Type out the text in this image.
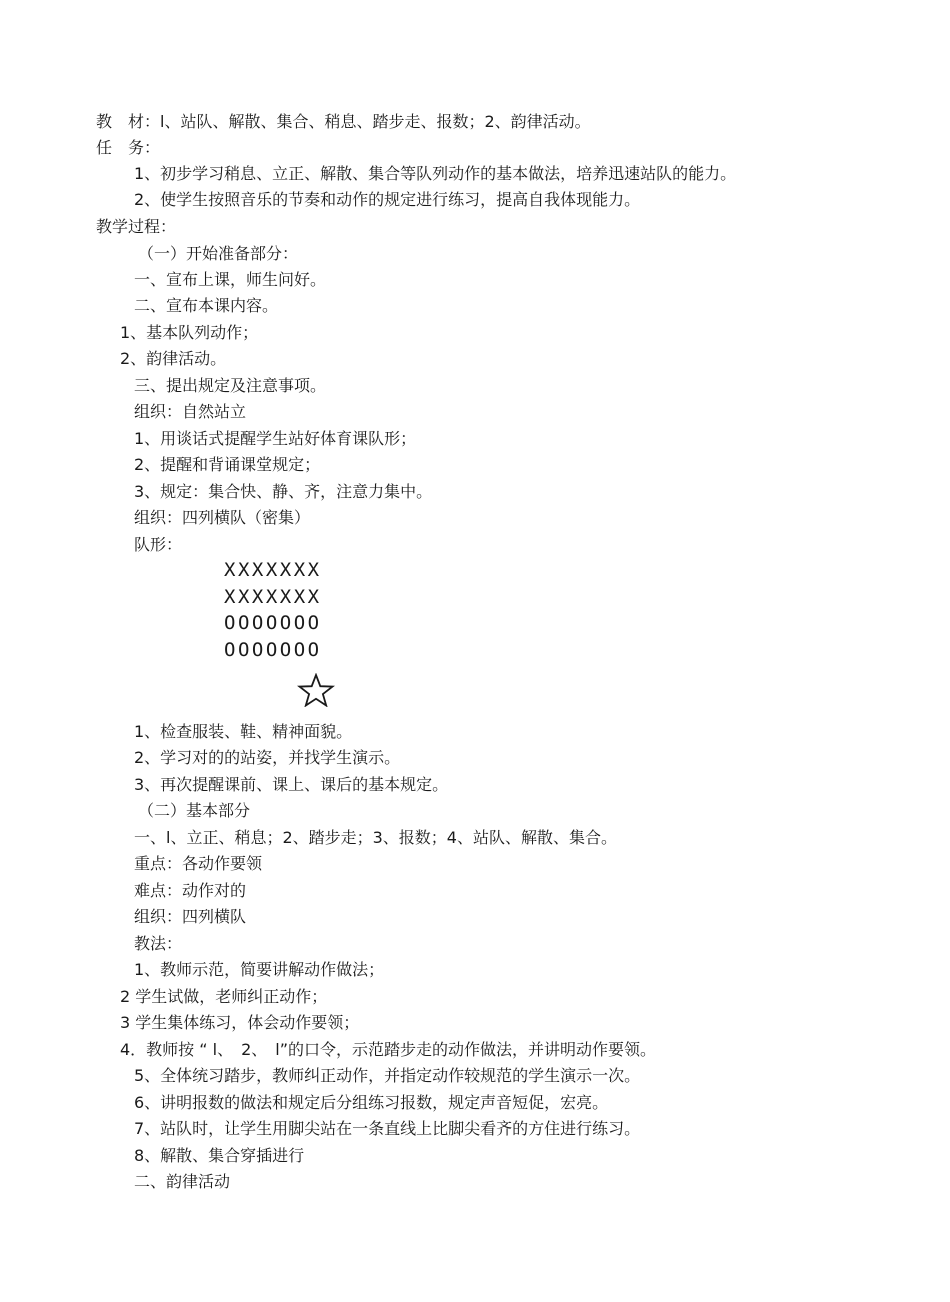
教　材：l、站队、解散、集合、稍息、踏步走、报数；2、韵律活动。
任　务：
1、初步学习稍息、立正、解散、集合等队列动作的基本做法，培养迅速站队的能力。
2、使学生按照音乐的节奏和动作的规定进行练习，提高自我体现能力。
教学过程：
（一）开始准备部分：
一、宣布上课，师生问好。
二、宣布本课内容。
1、基本队列动作；
2、韵律活动。
三、提出规定及注意事项。
组织：自然站立
1、用谈话式提醒学生站好体育课队形；
2、提醒和背诵课堂规定；
3、规定：集合快、静、齐，注意力集中。
组织：四列横队（密集）
队形：
XXXXXXX
XXXXXXX
OOOOOOO
OOOOOOO
1、检查服装、鞋、精神面貌。
2、学习对的的站姿，并找学生演示。
3、再次提醒课前、课上、课后的基本规定。
（二）基本部分
一、l、立正、稍息；2、踏步走；3、报数；4、站队、解散、集合。
重点：各动作要领
难点：动作对的
组织：四列横队
教法：
1、教师示范，简要讲解动作做法；
2 学生试做，老师纠正动作；
3 学生集体练习，体会动作要领；
4．教师按 “ l、　2、　l”的口令，示范踏步走的动作做法，并讲明动作要领。
5、全体统习踏步，教师纠正动作，并指定动作较规范的学生演示一次。
6、讲明报数的做法和规定后分组练习报数，规定声音短促，宏亮。
7、站队时，让学生用脚尖站在一条直线上比脚尖看齐的方住进行练习。
8、解散、集合穿插进行
二、韵律活动
